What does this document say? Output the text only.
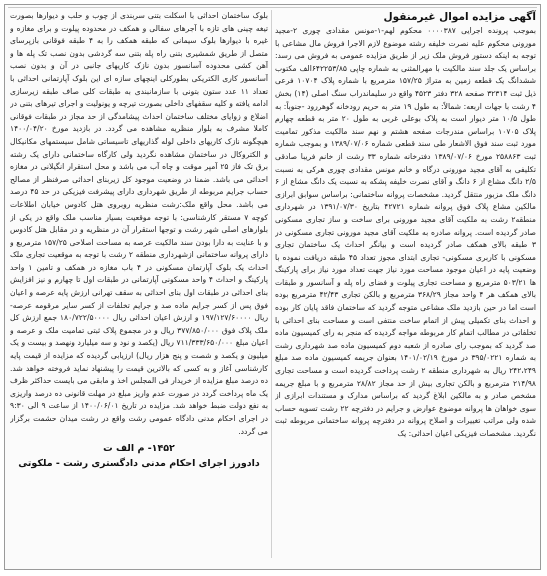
آگهی مزایده اموال غیرمنقول

بموجب پرونده اجرایی ۰۰۰۰۳۸۷ محکوم لهم-۱-مونس مقدادی چوری ۲-مجید مورونی محکوم علیه نصرت خلیفه رشته موضوع لازم الاجرا فروش مال مشاعی با توجه به اینکه دستور فروش ملک زیر از طریق مزایده عمومی به فروش می رسد: براساس یک جلد سند مالکیت با مهرالمثنی به شماره چاپی ۶۴۲۲۵۳/۸۵الف مکتوب ششدانگ یک قطعه زمین به متراژ ۱۵۷/۲۵ مترمربع با شماره پلاک ۱۰۷۰۴ فرعی ذیل ثبت ۳۲۳۱۴ صفحه ۳۲۸ دفتر ۴۵۲۳ واقع در سلیماندراب سنگ اصلی (۱۴) بخش ۴ رشت با جهات اربعه: شمالاً: به طول ۱۹ متر به حریم رودخانه گوهررود -جنوباً: به طول ۱۰/۵ متر دیوار است به پلاک بوعلی غربی به طول ۲۰ متر به قطعه چهارم پلاک ۱۰۷۰۵ براساس مندرجات صفحه هشتم و نهم سند مالکیت مذکور تمامیت مورد ثبت سند فوق الاشعار طی سند قطعی شماره ۱۳۸۹/۰۷/۰۶ و بموجب شماره ثبت ۲۵۸۸۶۳ مورخ ۱۳۸۹/۰۷/۰۶ دفترخانه شماره ۳۳ رشت از خانم فریبا صادقی تکلیفی به آقای مجید مورونی درگاه و خانم مونس مقدادی چوری هرکی به نسبت ۲/۵ دانگ مشاع از ۶ دانگ و آقای نصرت خلیفه پشکه به نسبت یک دانگ مشاع از ۶ دانگ ملک مزبور منتقل گردید. مشخصات پروانه ساختمانی: براساس سوابق ابرازی مالکین مشاع پلاک فوق پروانه شماره ۴۲۷۲۱ بتاریخ ۱۳۹۱/۰۷/۳۰ در شهرداری منطقه۲ رشت به ملکیت آقای مجید مورونی برای ساخت و ساز تجاری مسکونی صادر گردیده است. پروانه صادره به ملکیت آقای مجید مورونی تجاری مسکونی در ۳ طبقه بالای همکف صادر گردیده است و بیانگر احداث یک ساختمان تجاری مسکونی با کاربری مسکونی- تجاری ابتدای مجوز تعداد ۴۵ طبقه دریافت نموده با وضعیت پایه در اعیان موجود مساحت مورد نیاز جهت تعداد مورد نیاز برای پارکینگ ها ۵۰۳/۲۱ مترمربع و مساحت تجاری پیلوت و فضای راه پله و آسانسور و طبقات بالای همکف هر ۴ واحد مجاز ۳۶۸/۲۹ مترمربع و بالکن تجاری ۴۲/۴۳ مترمربع بوده است اما در حین بازدید ملک مشاعی متوجه گردید که ساختمان فاقد پایان کار بوده و احداث بنای تکمیلی پیش از اتمام ساخت منتفی است و مساحت بنای احداثی با تخلفاتی در مطالب اتمام کار مربوطه مواجه گردیده که منجر به رای کمیسیون ماده صد گردید که بموجب رای صادره از شعبه دوم کمیسیون ماده صد شهرداری رشت به شماره ۳۹۵/۰۲۲۱ در مورخ ۱۴۰۱/۰۲/۱۹ بعنوان جریمه کمیسیون ماده صد مبلغ ۲۴۲،۲۴۹ ریال به شهرداری منطقه ۲ رشت پرداخت گردیده است و مساحت تجاری ۲۱۴/۹۸ مترمربع و بالکن تجاری بیش از حد مجاز ۲۸/۸۲ مترمربع و با مبلغ جریمه مشخص صادر و به مالکین ابلاغ گردید که براساس مدارک و مستندات ابرازی از سوی خواهان ها پروانه موضوع عوارض و جرایم در دفترچه ۲۲ رشت تسویه حساب شده ولی مراتب تغییرات و اصلاح پروانه در دفترچه پروانه ساختمانی مربوطه ثبت نگردید. مشخصات فیزیکی اعیان احداثی: یک

بلوک ساختمان احداثی با اسکلت بتنی سربندی از چوب و حلب و دیوارها بصورت تیغه چینی های تازه با آجرهای سفالی و همکف در محدوده پیلوت و برای مغازه و غیره با دیوارها بلوک سیمانی که طبقه همکف را به ۴ طبقه فوقانی بازپرسای متصل از طریق شمشیری بتنی راه پله بتنی سه گردشی بدون نصب تک پله ها و آهن کشی محدوده آسانسور بدون نازک کاریهای جانبی در آن و بدون نصب آسانسور کاری الکتریکی بطورکلی اینچهای سازه ای این بلوک آپارتمانی احداثی با تعداد ۱۱ عدد ستون بتونی با سازمانبندی به طبقات کلی صاف طبقه زیرسازی ادامه یافته و کلیه سقفهای داخلی بصورت تیرچه و یونولیت و اجرای تیرهای بتنی در اضلاع و زوایای مختلف ساختمان احداث پیشامدگی از حد مجاز در طبقات فوقانی کاملا مشرف به بلوار منظریه مشاهده می گردد. در بازدید مورخ ۱۴۰۰/۰۴/۲۰ هیچگونه نازک کاریهای داخلی لوله گذاریهای تاسیساتی شامل سیستمهای مکانیکال و الکتروکال در ساختمان مشاهده نگردید ولی کارگاه ساختمانی دارای یک رشته برق تک فاز ۲۵ آمپر موقت و چاه آب می باشد و محل استقرار انگیلانی در مغازه احداثی می باشد. ضمنا در وضعیت موجود کل زیربنای احداثی صرفنظر از مصالح حساب جرایم مربوطه از طریق شهرداری دارای پیشرفت فیزیکی در حد ۴۵ درصد می باشد. محل واقع ملک:رشت منظریه روبروی هتل کادوس خیابان اطلاعات کوچه ۷ مستقر کارشناسی: با توجه موقعیت بسیار مناسب ملک واقع در یکی از بلوارهای اصلی شهر رشت و توجها استقرار آن در منظریه و در مقابل هتل کادوس و با عنایت به دارا بودن سند مالکیت عرصه به مساحت اصلاحی ۱۵۷/۲۵ مترمربع و دارای پروانه ساختمانی ازشهرداری منطقه ۲ رشت با توجه به موقعیت تجاری ملک احداث یک بلوک آپارتمان مسکونی در ۴ باب مغازه در همکف و تامین ۱ واحد پارکینگ و احداث ۴ واحد مسکونی آپارتمانی در طبقات اول تا چهارم و نیز افزایش بنای احداثی در طبقات اول بنای احداثی به سقف تهرانی ارزش پایه عرصه و اعیان فوق پس از کسر جرایم ماده صد و جرایم تخلفات از کسر سایر مرقومه عرصه- ریال ۱۹۷/۱۲۷/۶۰۰۰۰ و ارزش اعیان احداثی ریال ۱۸۰/۷۲۲/۵۰۰۰۰ جمع ارزش کل ملک پلاک فوق ۳۷۷/۸۵۰/۰۰۰ ریال و در مجموع پلاک ثبتی تمامیت ملک و عرصه و اعیان مبلغ ۷۱۱/۳۳۳/۶۵۰/۰۰۰ ریال (یکصد و نود و سه میلیارد ونهصد و بیست و یک میلیون و یکصد و شصت و پنج هزار ریال) ارزیابی گردیده که مزایده از قیمت پایه کارشناسی آغاز و به کسی که بالاترین قیمت را پیشنهاد نماید فروخته خواهد شد. ده درصد مبلغ مزایده از خریدار فی المجلس اخذ و مابقی می بایست حداکثر ظرف یک ماه پرداخت گردد در صورت عدم واریز مبلغ در مهلت قانونی ده درصد واریزی به نفع دولت ضبط خواهد شد. مزایده در تاریخ ۱۴۰۰/۰۶/۰۱ از ساعت ۹ الی ۹:۳۰ در اجرای احکام مدنی دادگاه عمومی رشت واقع در رشت میدان حشمت برگزار می گردد.

۱۴۵۲- م الف ت
دادورز اجرای احکام مدنی دادگستری رشت - ملکوتی
